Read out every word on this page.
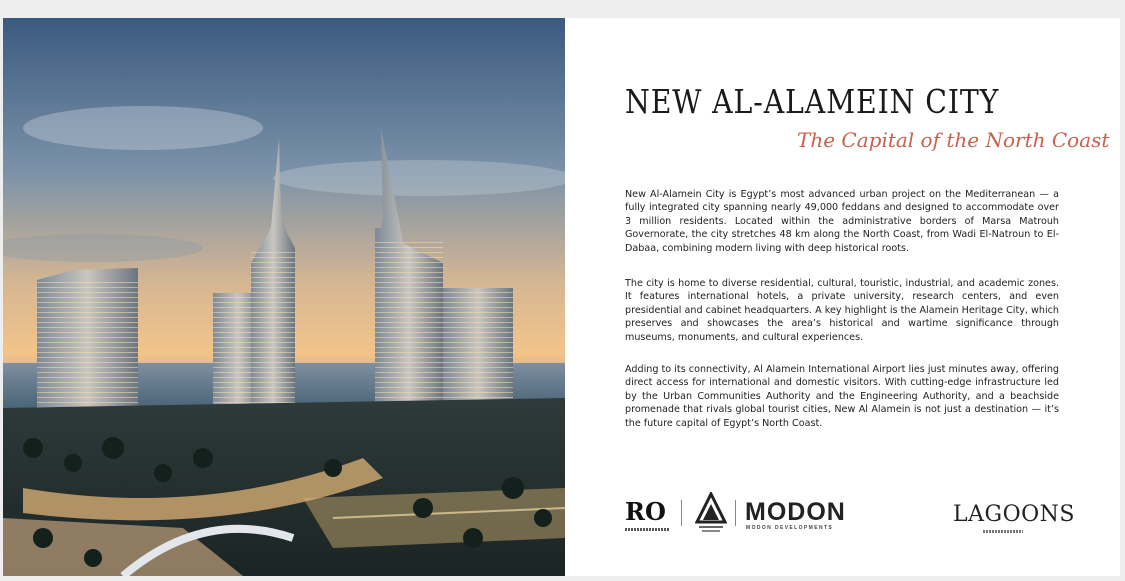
NEW AL-ALAMEIN CITY
The Capital of the North Coast

New Al-Alamein City is Egypt’s most advanced urban project on the Mediterranean — a fully integrated city spanning nearly 49,000 feddans and designed to accommodate over 3 million residents. Located within the administrative borders of Marsa Matrouh Governorate, the city stretches 48 km along the North Coast, from Wadi El-Natroun to El-Dabaa, combining modern living with deep historical roots.

The city is home to diverse residential, cultural, touristic, industrial, and academic zones. It features international hotels, a private university, research centers, and even presidential and cabinet headquarters. A key highlight is the Alamein Heritage City, which preserves and showcases the area’s historical and wartime significance through museums, monuments, and cultural experiences.

Adding to its connectivity, Al Alamein International Airport lies just minutes away, offering direct access for international and domestic visitors. With cutting-edge infrastructure led by the Urban Communities Authority and the Engineering Authority, and a beachside promenade that rivals global tourist cities, New Al Alamein is not just a destination — it’s the future capital of Egypt’s North Coast.

RO	MODON
MODON DEVELOPMENTS
LAGOONS
